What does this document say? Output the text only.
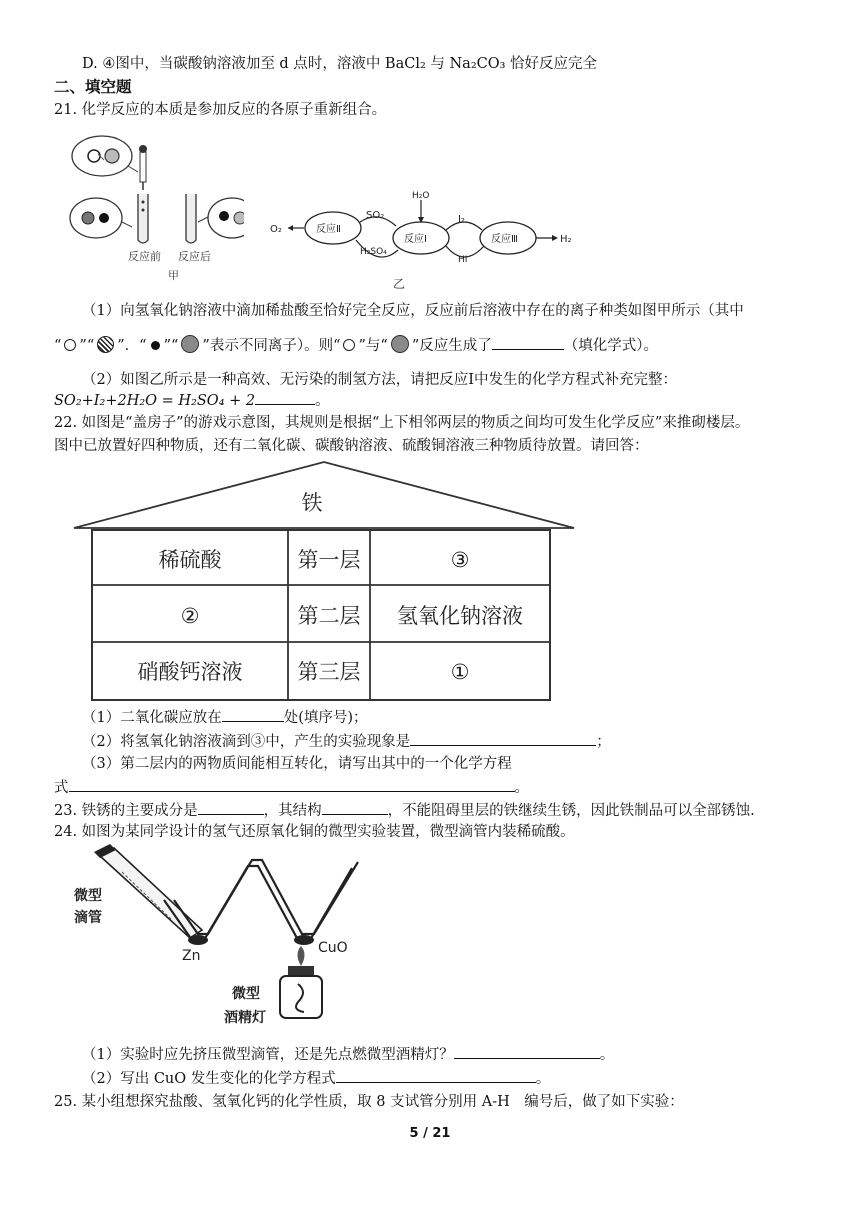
D. ④图中，当碳酸钠溶液加至 d 点时，溶液中 BaCl₂ 与 Na₂CO₃ 恰好反应完全
二、填空题
21. 化学反应的本质是参加反应的各原子重新组合。
反应前 反应后
甲
O₂	反应Ⅱ
反应Ⅰ	反应Ⅲ	H₂
SO₂
H₂SO₄
H₂O
I₂
HI
乙
（1）向氢氧化钠溶液中滴加稀盐酸至恰好完全反应，反应前后溶液中存在的离子种类如图甲所示（其中
“ ”“ ”．“ ”“ ”表示不同离子）。则“ ”与“ ”反应生成了	（填化学式）。
（2）如图乙所示是一种高效、无污染的制氢方法，请把反应Ⅰ中发生的化学方程式补充完整：
SO₂+I₂+2H₂O = H₂SO₄ + 2	。
22. 如图是“盖房子”的游戏示意图，其规则是根据“上下相邻两层的物质之间均可发生化学反应”来推砌楼层。
图中已放置好四种物质，还有二氧化碳、碳酸钠溶液、硫酸铜溶液三种物质待放置。请回答：
铁
稀硫酸	第一层	③
②	第二层 氢氧化钠溶液
硝酸钙溶液	第三层	①
（1）二氧化碳应放在	处(填序号)；
（2）将氢氧化钠溶液滴到③中，产生的实验现象是	；
（3）第二层内的两物质间能相互转化，请写出其中的一个化学方程
式	。
23. 铁锈的主要成分是	，其结构	，不能阻碍里层的铁继续生锈，因此铁制品可以全部锈蚀.
24. 如图为某同学设计的氢气还原氧化铜的微型实验装置，微型滴管内装稀硫酸。
微型
滴管
Zn	CuO
微型
酒精灯
（1）实验时应先挤压微型滴管，还是先点燃微型酒精灯？	。
（2）写出 CuO 发生变化的化学方程式	。
25. 某小组想探究盐酸、氢氧化钙的化学性质，取 8 支试管分别用 A-H　编号后，做了如下实验：
5 / 21
